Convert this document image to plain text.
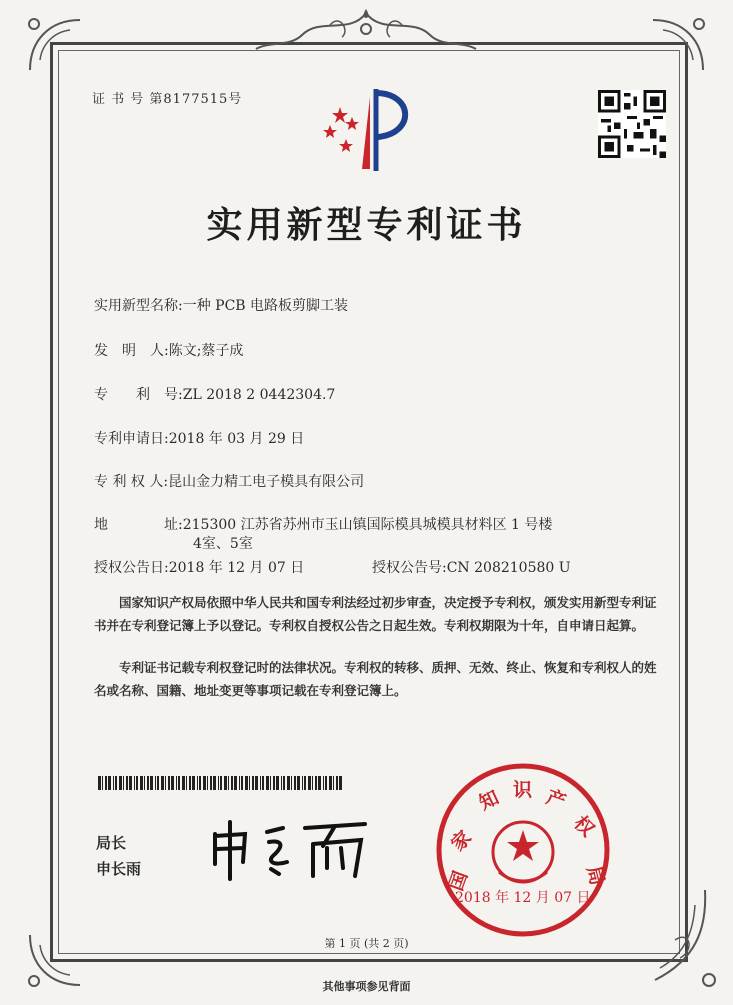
证 书 号 第8177515号
实用新型专利证书
实用新型名称:一种 PCB 电路板剪脚工装
发　明　人:陈文;蔡子成
专　　利　号:ZL 2018 2 0442304.7
专利申请日:2018 年 03 月 29 日
专 利 权 人:昆山金力精工电子模具有限公司
地　　　　址:215300 江苏省苏州市玉山镇国际模具城模具材料区 1 号楼
4室、5室
授权公告日:2018 年 12 月 07 日	授权公告号:CN 208210580 U
国家知识产权局依照中华人民共和国专利法经过初步审查，决定授予专利权，颁发实用新型专利证书并在专利登记簿上予以登记。专利权自授权公告之日起生效。专利权期限为十年，自申请日起算。
专利证书记载专利权登记时的法律状况。专利权的转移、质押、无效、终止、恢复和专利权人的姓名或名称、国籍、地址变更等事项记载在专利登记簿上。
局长
申长雨	国
家
知 识 产
权
局
2018 年 12 月 07 日
第 1 页 (共 2 页)
其他事项参见背面
